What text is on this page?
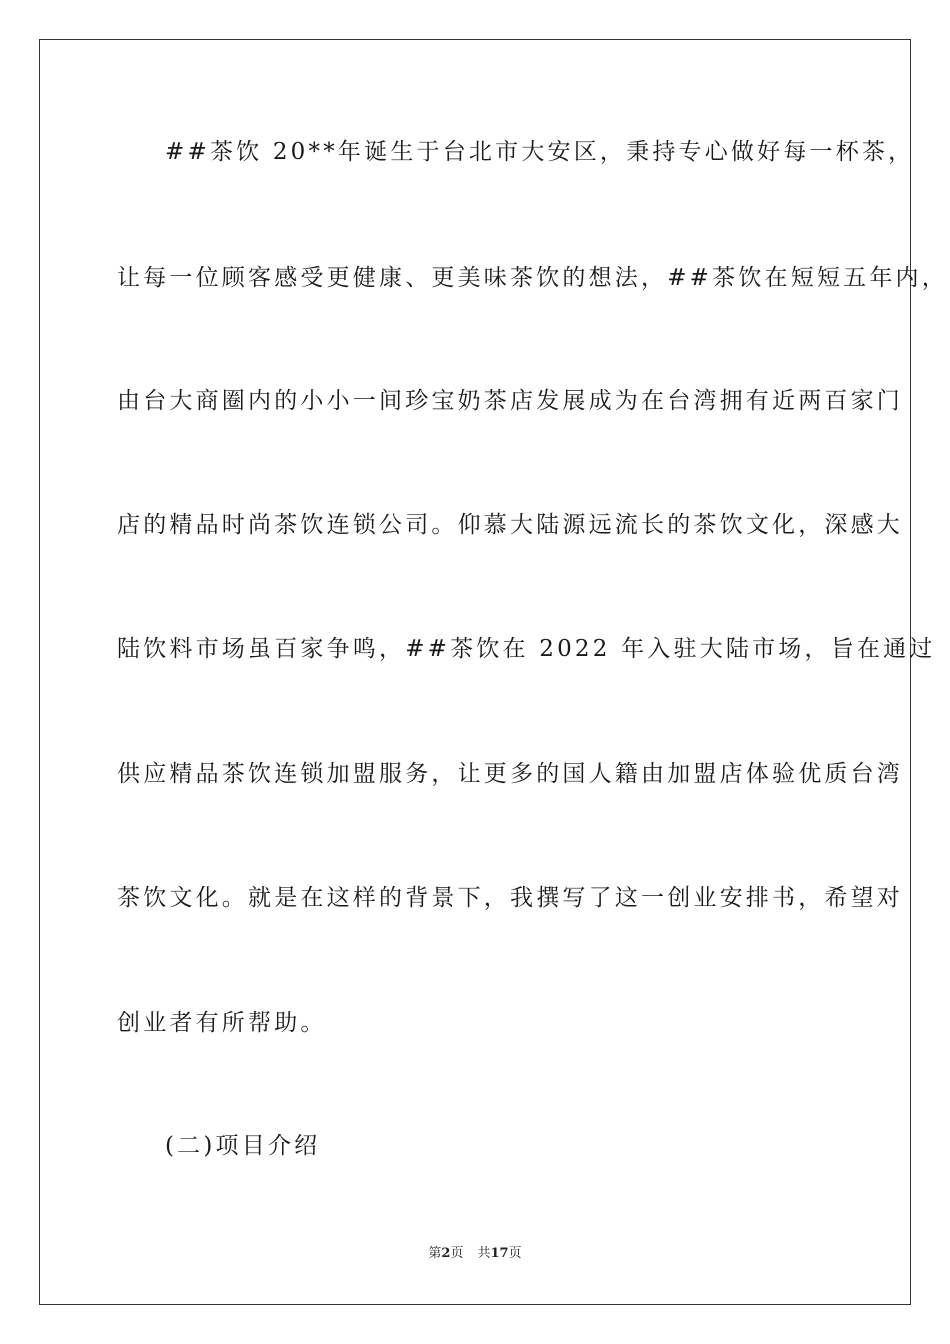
##茶饮 20**年诞生于台北市大安区，秉持专心做好每一杯茶，
让每一位顾客感受更健康、更美味茶饮的想法，##茶饮在短短五年内，
由台大商圈内的小小一间珍宝奶茶店发展成为在台湾拥有近两百家门
店的精品时尚茶饮连锁公司。仰慕大陆源远流长的茶饮文化，深感大
陆饮料市场虽百家争鸣，##茶饮在 2022 年入驻大陆市场，旨在通过
供应精品茶饮连锁加盟服务，让更多的国人籍由加盟店体验优质台湾
茶饮文化。就是在这样的背景下，我撰写了这一创业安排书，希望对
创业者有所帮助。
(二)项目介绍
第2页 共17页
